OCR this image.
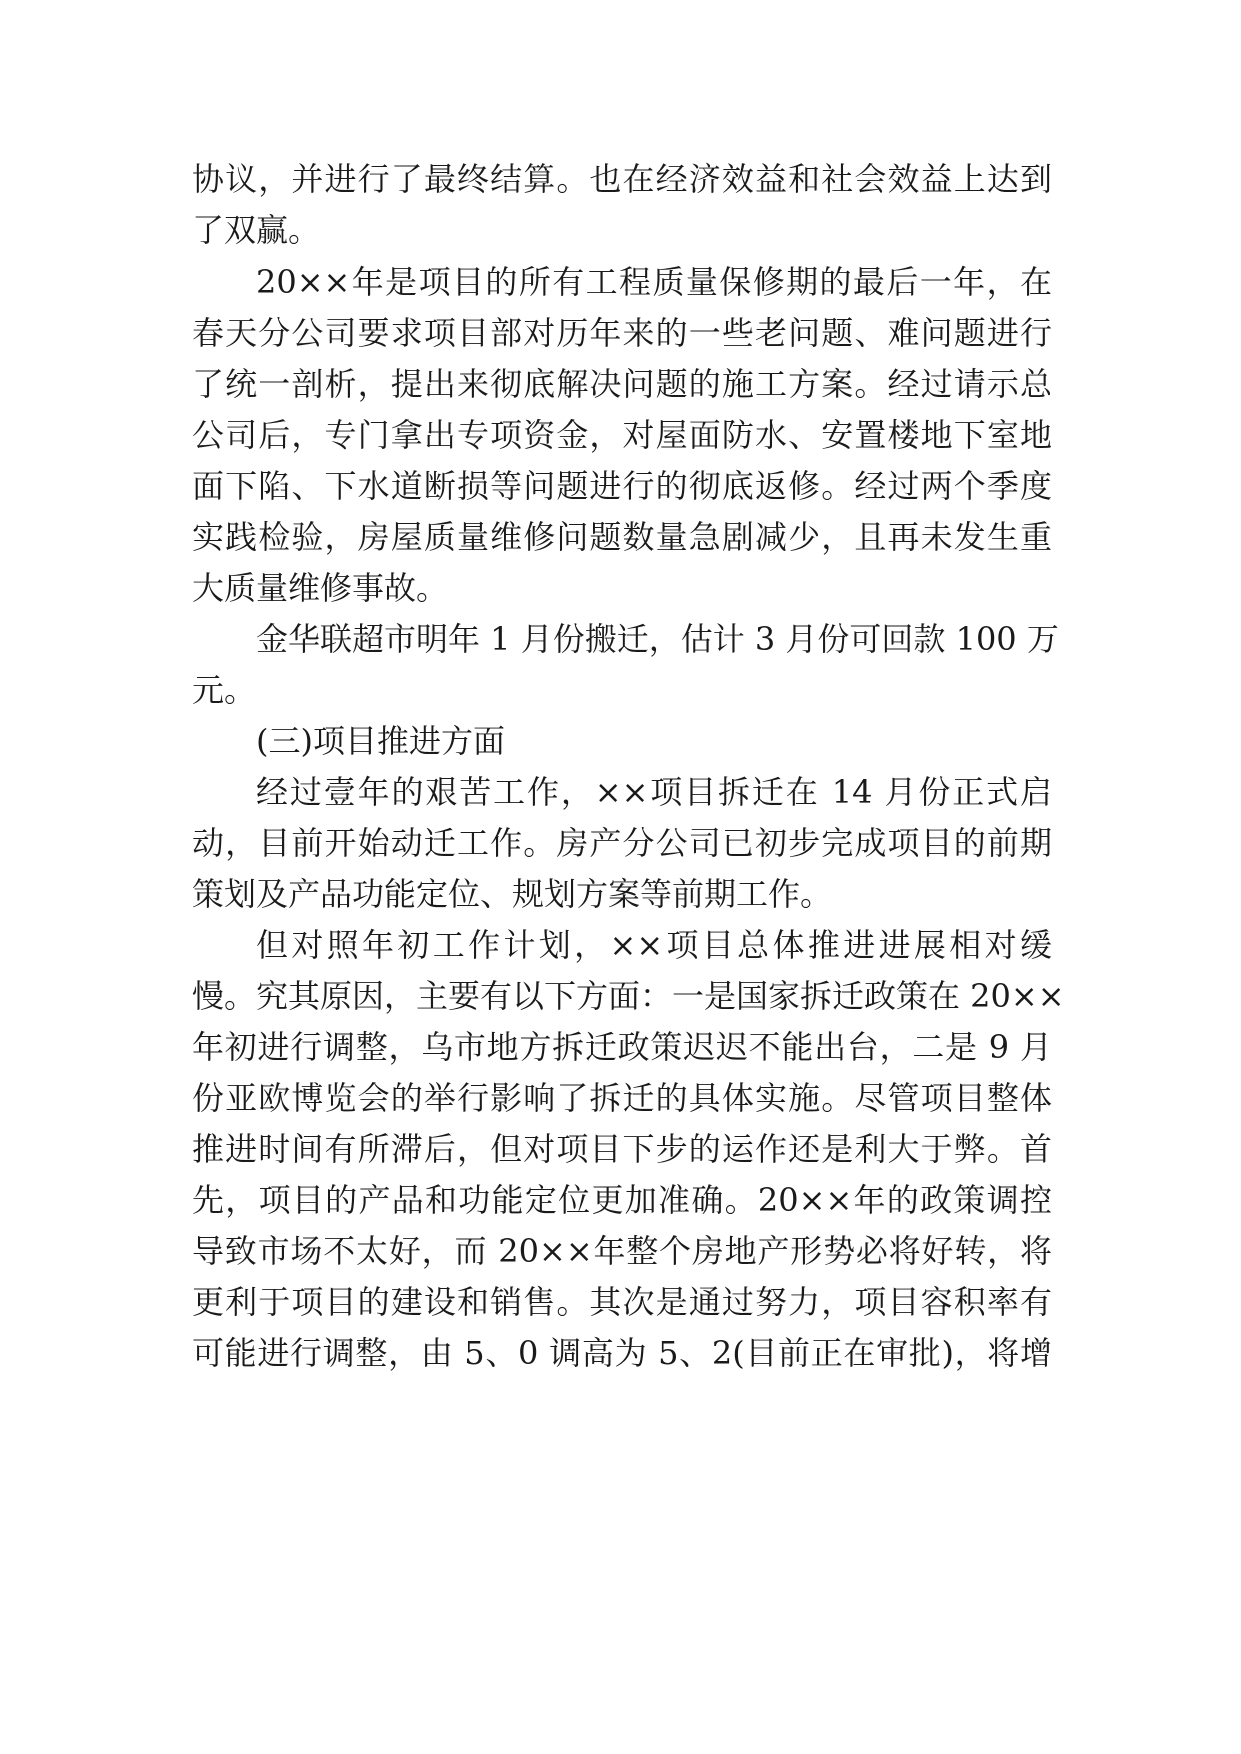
协议，并进行了最终结算。也在经济效益和社会效益上达到
了双赢。
20××年是项目的所有工程质量保修期的最后一年，在
春天分公司要求项目部对历年来的一些老问题、难问题进行
了统一剖析，提出来彻底解决问题的施工方案。经过请示总
公司后，专门拿出专项资金，对屋面防水、安置楼地下室地
面下陷、下水道断损等问题进行的彻底返修。经过两个季度
实践检验，房屋质量维修问题数量急剧减少，且再未发生重
大质量维修事故。
金华联超市明年 1 月份搬迁，估计 3 月份可回款 100 万
元。
(三)项目推进方面
经过壹年的艰苦工作，××项目拆迁在 14 月份正式启
动，目前开始动迁工作。房产分公司已初步完成项目的前期
策划及产品功能定位、规划方案等前期工作。
但对照年初工作计划，××项目总体推进进展相对缓
慢。究其原因，主要有以下方面：一是国家拆迁政策在 20××
年初进行调整，乌市地方拆迁政策迟迟不能出台，二是 9 月
份亚欧博览会的举行影响了拆迁的具体实施。尽管项目整体
推进时间有所滞后，但对项目下步的运作还是利大于弊。首
先，项目的产品和功能定位更加准确。20××年的政策调控
导致市场不太好，而 20××年整个房地产形势必将好转，将
更利于项目的建设和销售。其次是通过努力，项目容积率有
可能进行调整，由 5、0 调高为 5、2(目前正在审批)，将增
